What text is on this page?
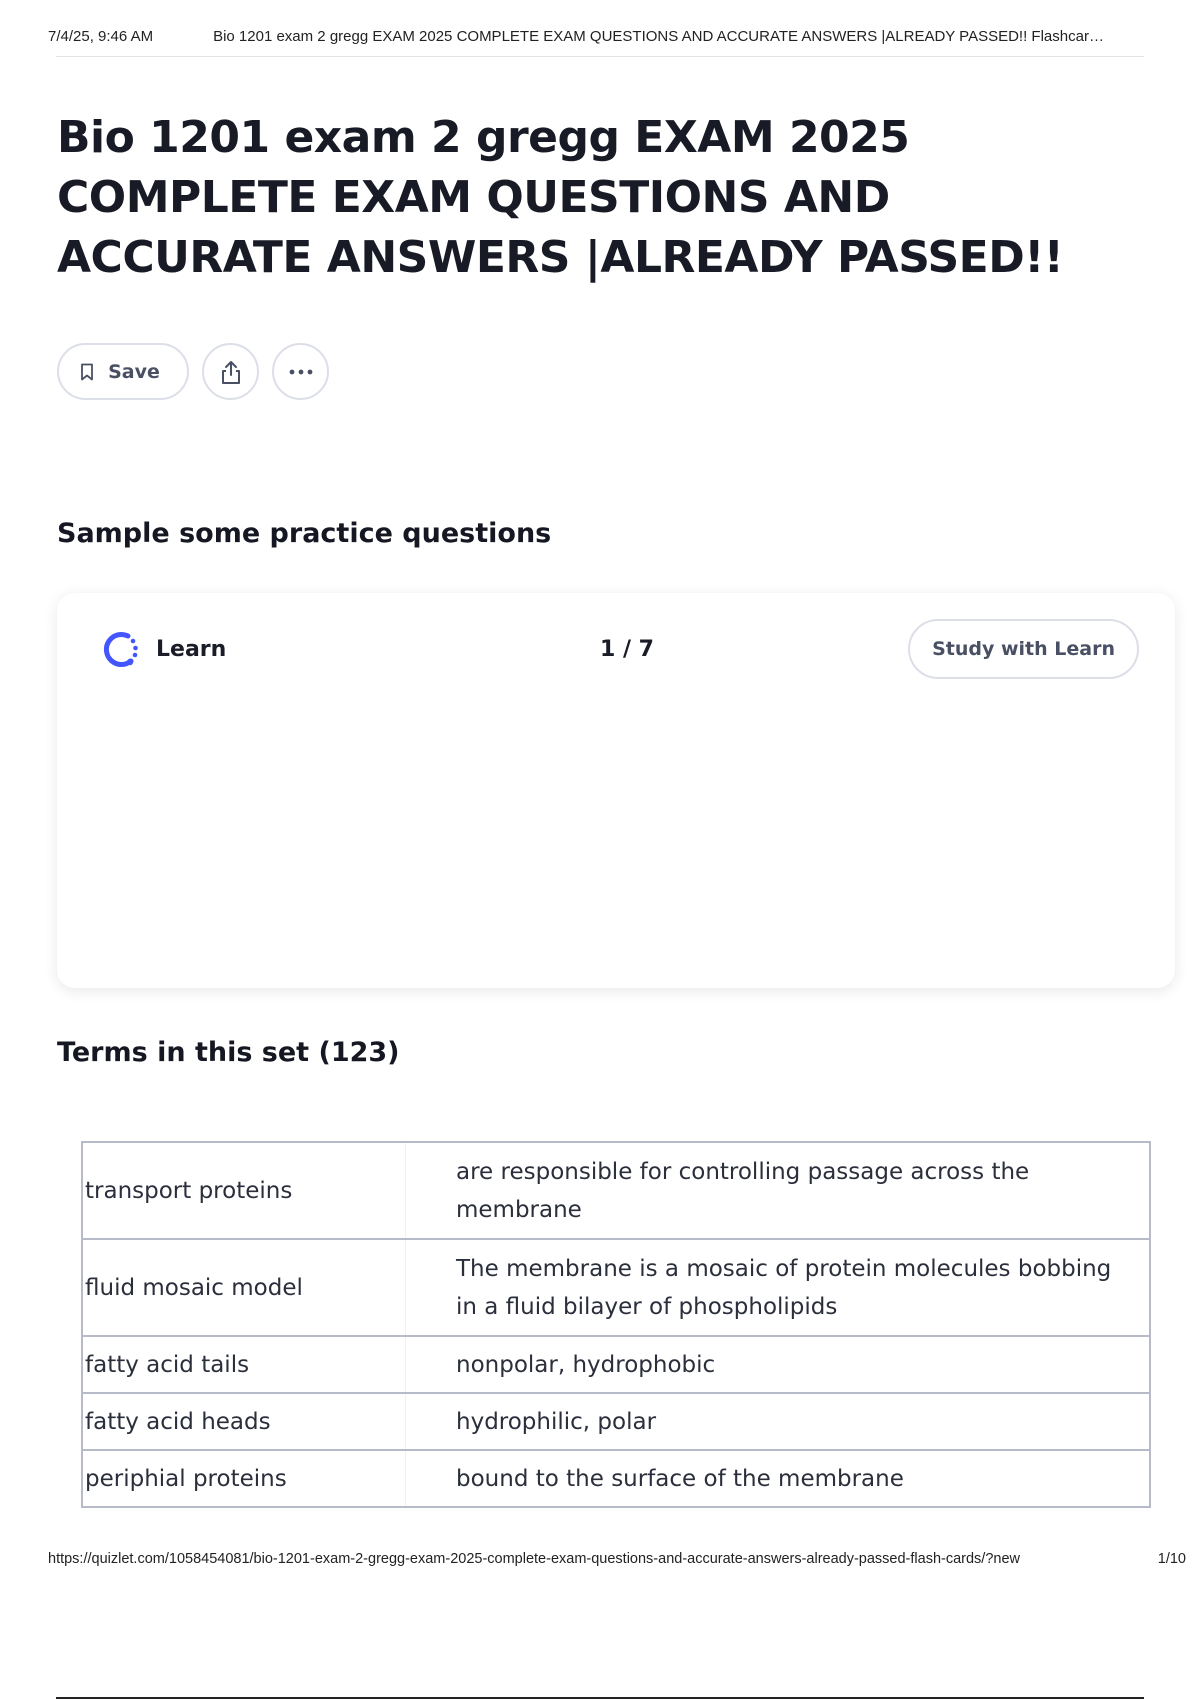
7/4/25, 9:46 AM	Bio 1201 exam 2 gregg EXAM 2025 COMPLETE EXAM QUESTIONS AND ACCURATE ANSWERS |ALREADY PASSED!! Flashcar…
Bio 1201 exam 2 gregg EXAM 2025 COMPLETE EXAM QUESTIONS AND ACCURATE ANSWERS |ALREADY PASSED!!
Save
Sample some practice questions
Learn	1 / 7	Study with Learn
Terms in this set (123)
transport proteins	are responsible for controlling passage across the membrane
fluid mosaic model	The membrane is a mosaic of protein molecules bobbing in a fluid bilayer of phospholipids
fatty acid tails	nonpolar, hydrophobic
fatty acid heads	hydrophilic, polar
periphial proteins	bound to the surface of the membrane
https://quizlet.com/1058454081/bio-1201-exam-2-gregg-exam-2025-complete-exam-questions-and-accurate-answers-already-passed-flash-cards/?new	1/10
